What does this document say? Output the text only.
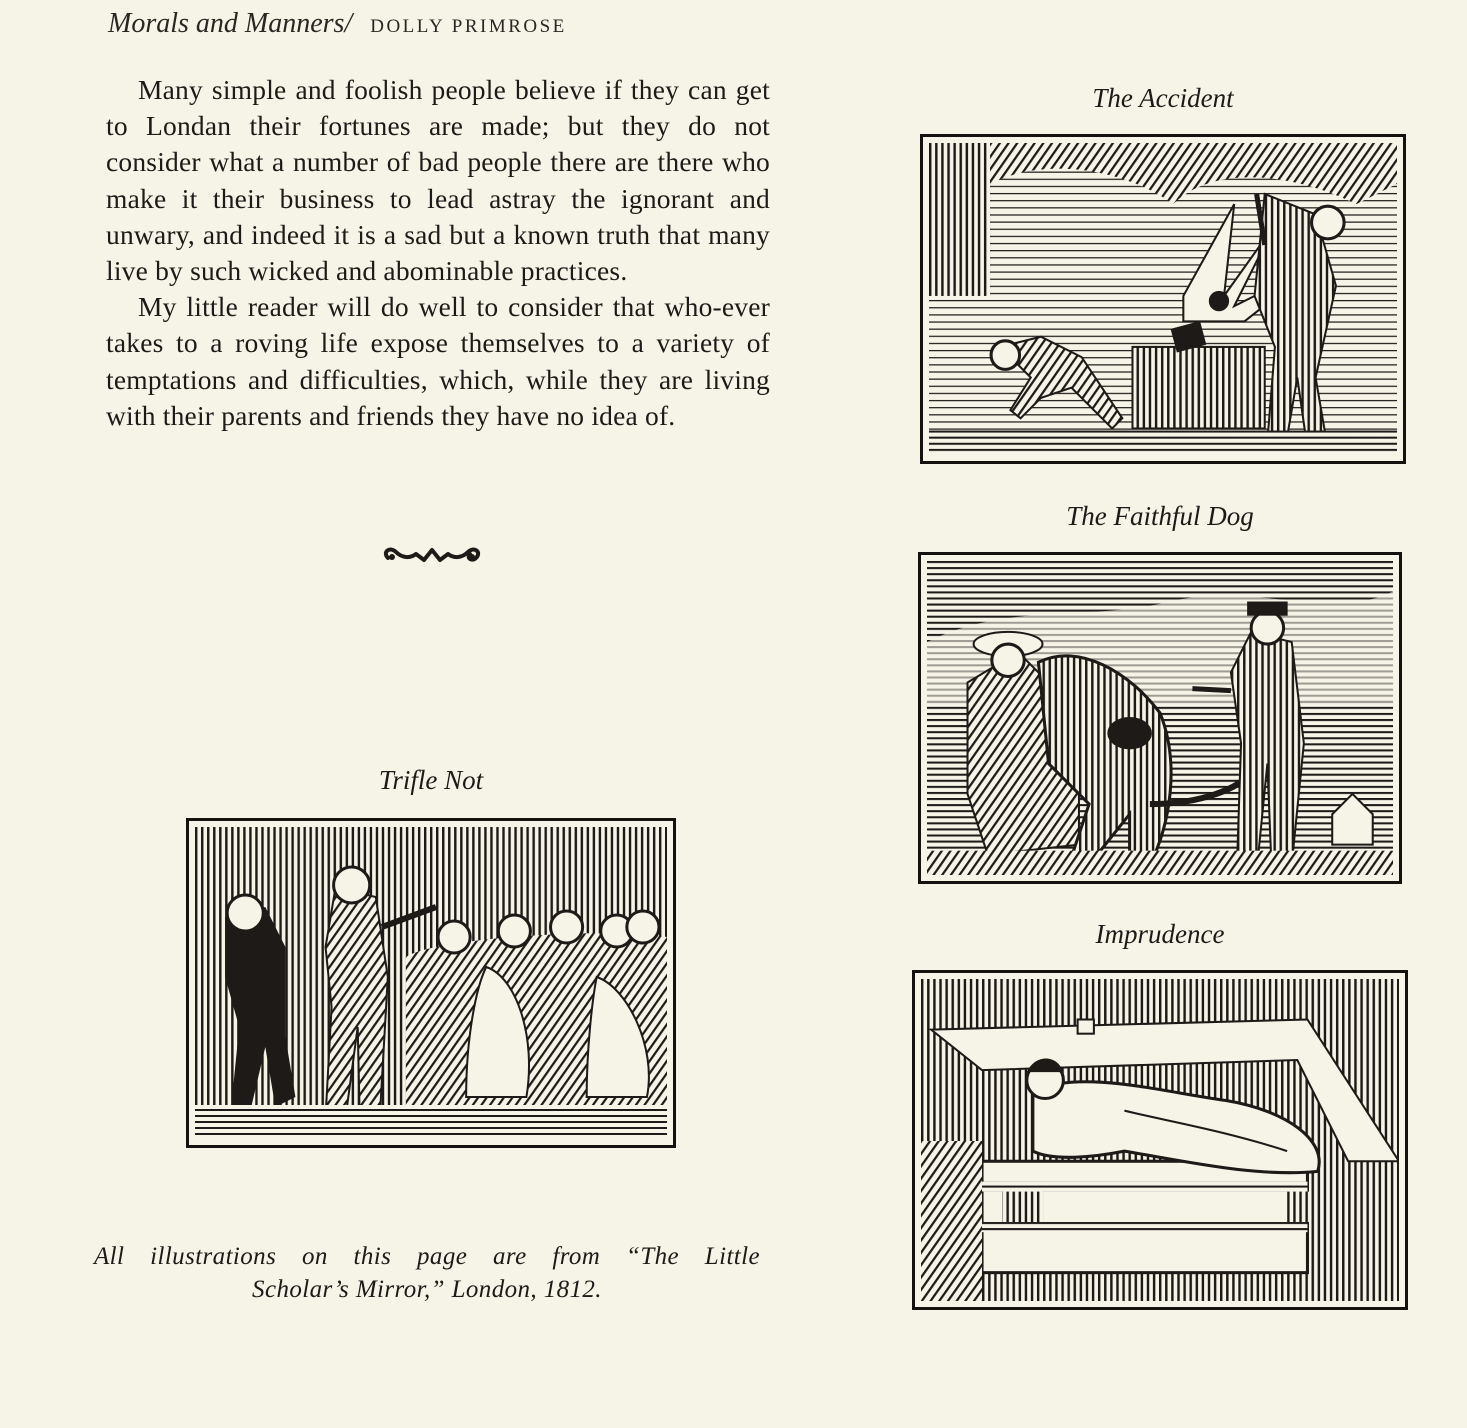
Morals and Manners/ DOLLY PRIMROSE

Many simple and foolish people believe if they can get to Londan their fortunes are made; but they do not consider what a number of bad people there are there who make it their business to lead astray the ignorant and unwary, and indeed it is a sad but a known truth that many live by such wicked and abominable practices.

My little reader will do well to consider that who-ever takes to a roving life expose themselves to a variety of temptations and difficulties, which, while they are living with their parents and friends they have no idea of.

The Accident
The Faithful Dog
Imprudence
Trifle Not
All illustrations on this page are from “The Little
Scholar’s Mirror,” London, 1812.
